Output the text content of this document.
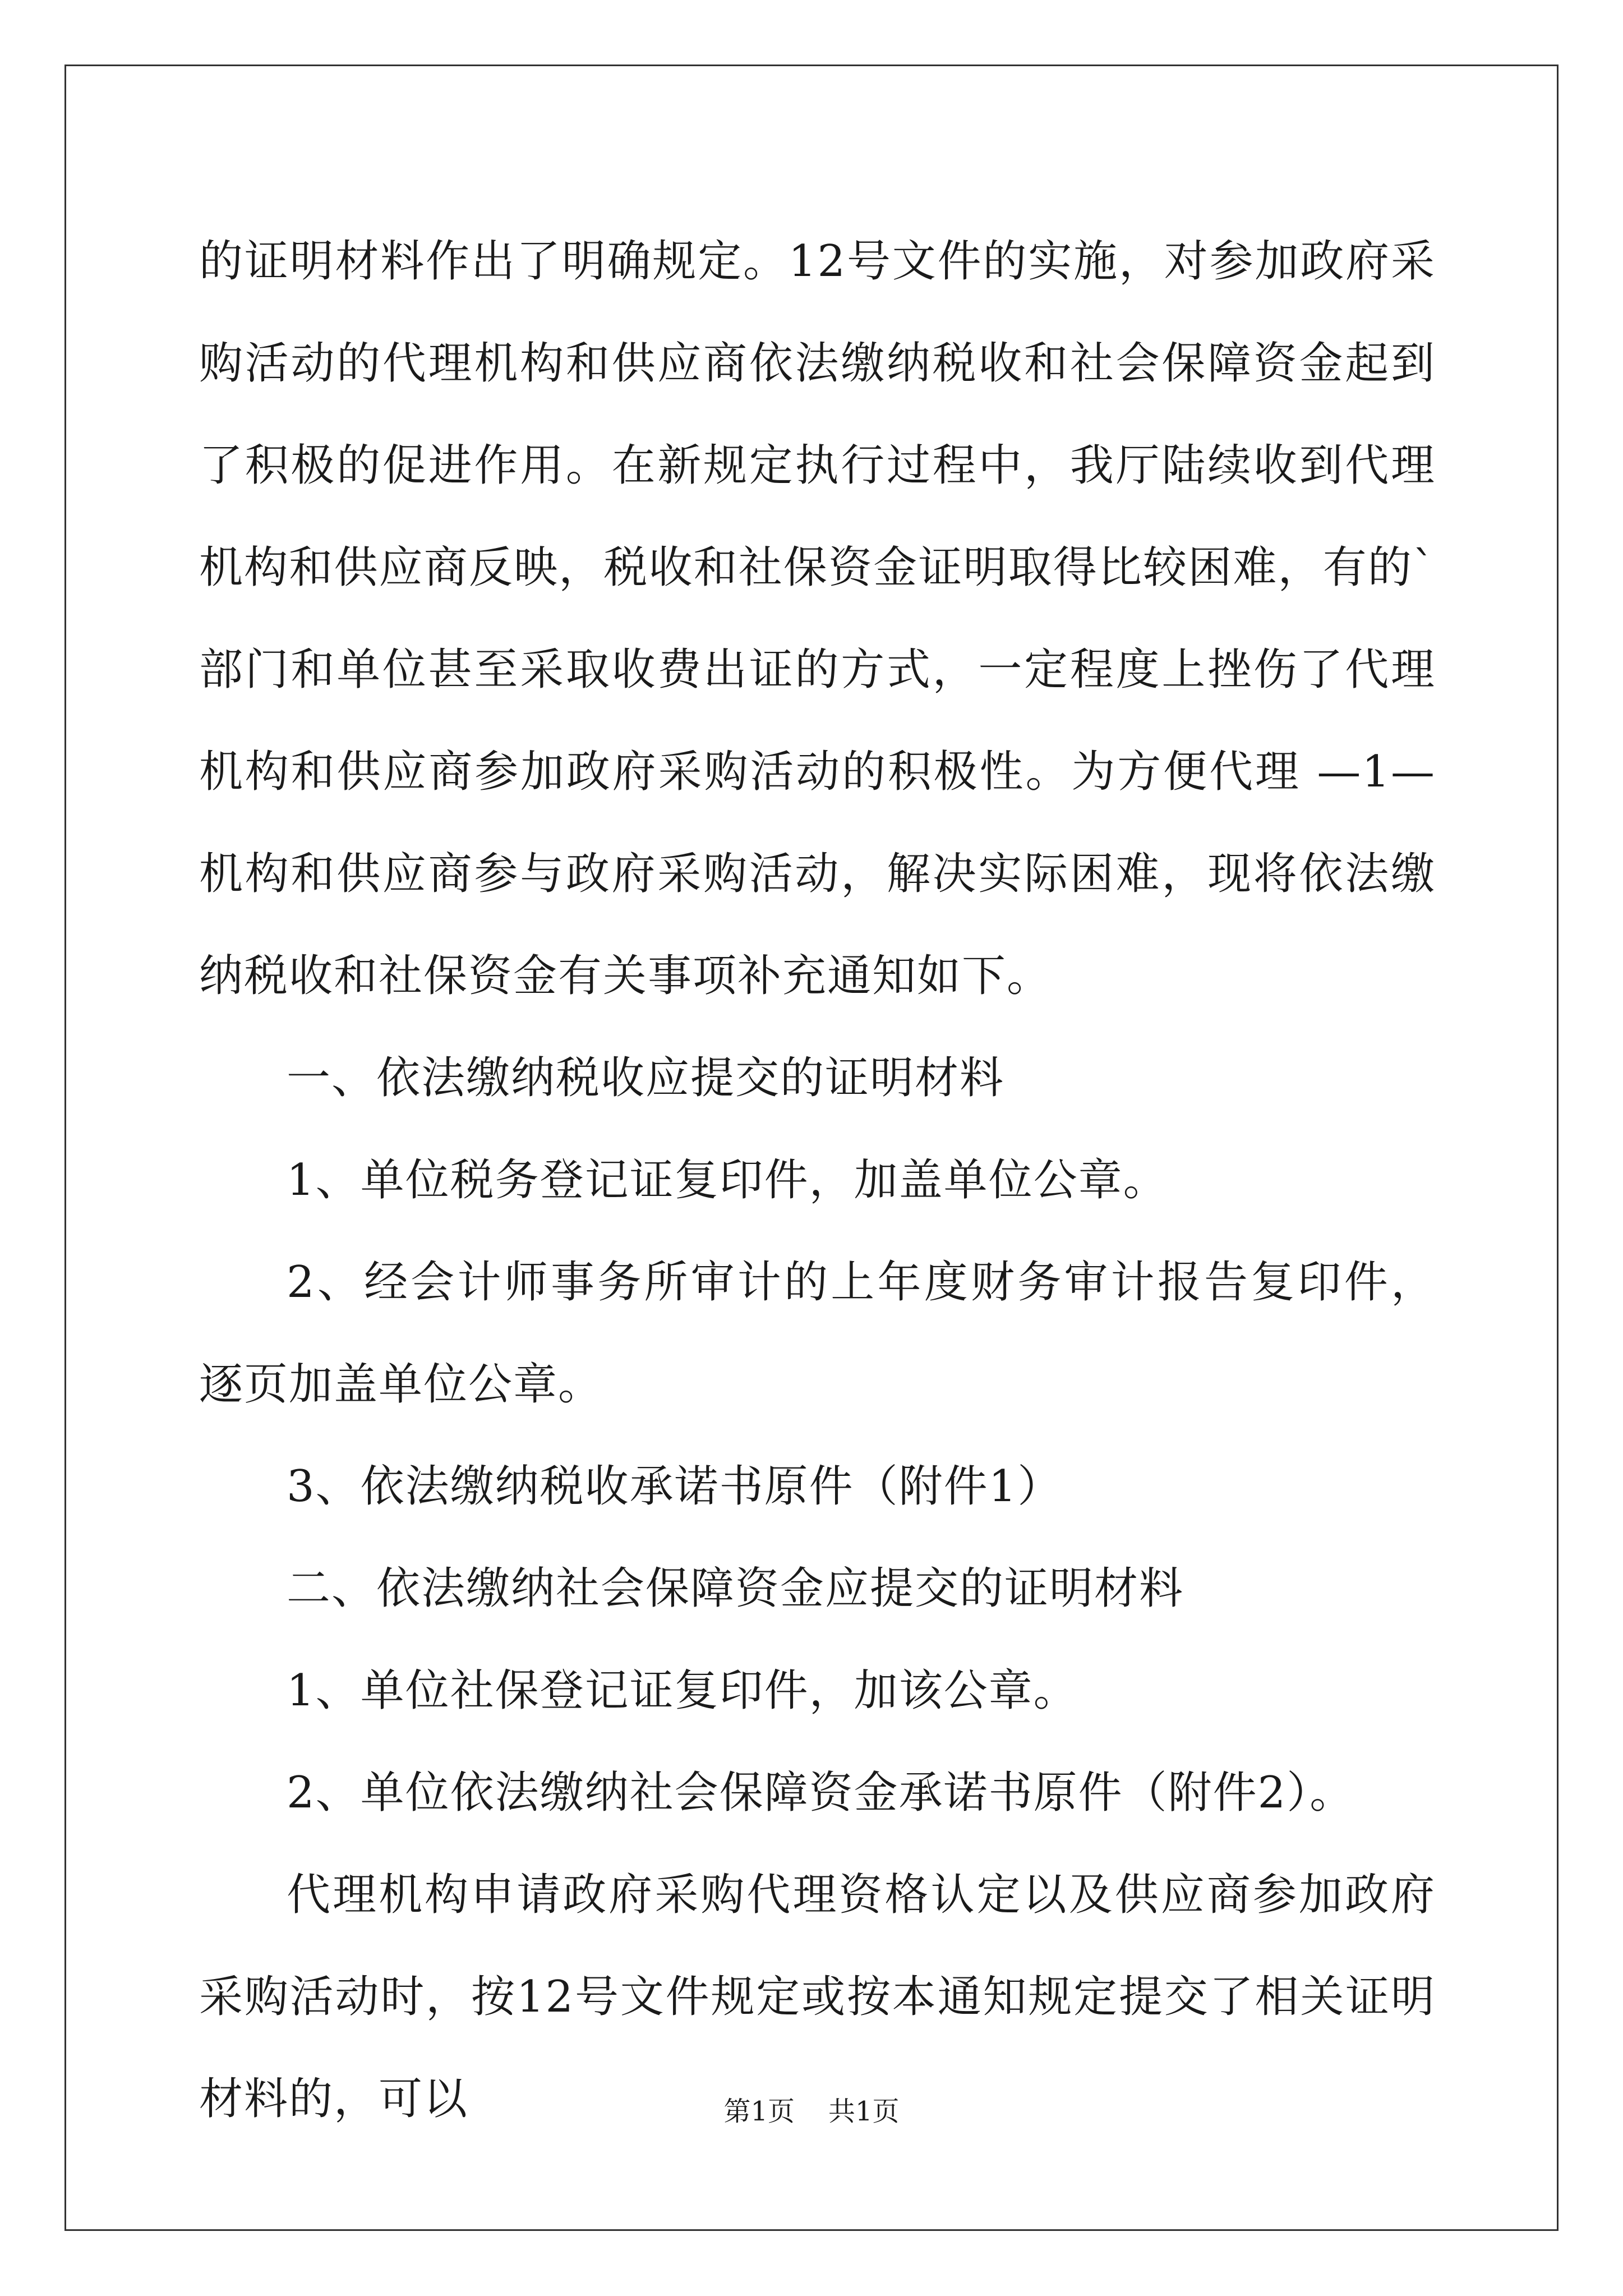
的证明材料作出了明确规定。12号文件的实施，对参加政府采购活动的代理机构和供应商依法缴纳税收和社会保障资金起到了积极的促进作用。在新规定执行过程中，我厅陆续收到代理机构和供应商反映，税收和社保资金证明取得比较困难，有的`部门和单位甚至采取收费出证的方式，一定程度上挫伤了代理机构和供应商参加政府采购活动的积极性。为方便代理 —1—机构和供应商参与政府采购活动，解决实际困难，现将依法缴纳税收和社保资金有关事项补充通知如下。

一、依法缴纳税收应提交的证明材料

1、单位税务登记证复印件，加盖单位公章。

2、经会计师事务所审计的上年度财务审计报告复印件，逐页加盖单位公章。

3、依法缴纳税收承诺书原件（附件1）

二、依法缴纳社会保障资金应提交的证明材料

1、单位社保登记证复印件，加该公章。

2、单位依法缴纳社会保障资金承诺书原件（附件2）。

代理机构申请政府采购代理资格认定以及供应商参加政府采购活动时，按12号文件规定或按本通知规定提交了相关证明材料的，可以	第1页 共1页
